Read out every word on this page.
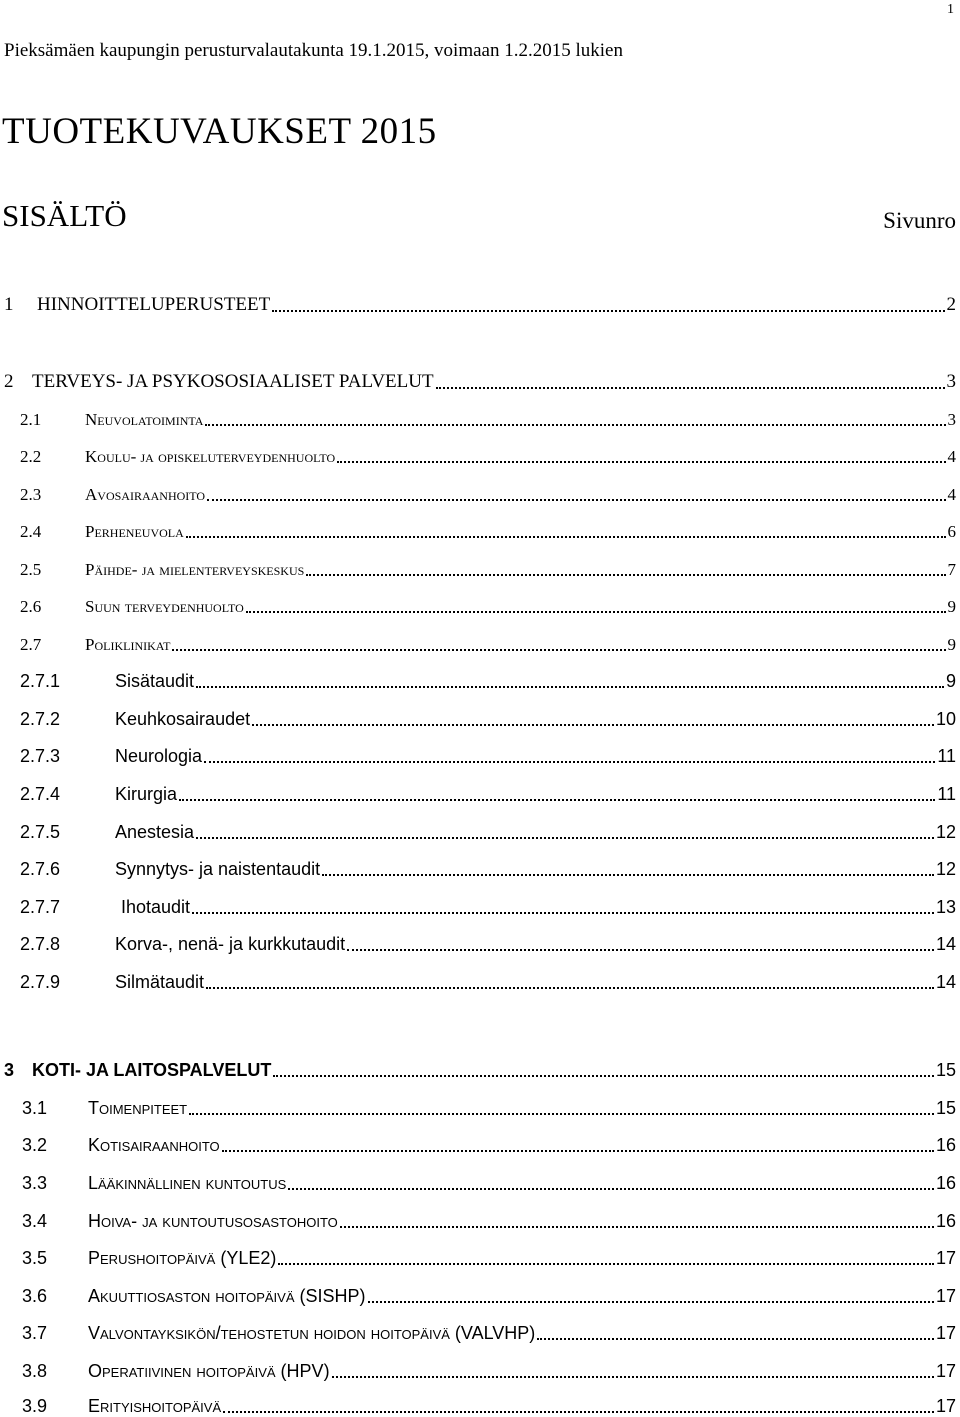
1
Pieksämäen kaupungin perusturvalautakunta 19.1.2015, voimaan 1.2.2015 lukien
TUOTEKUVAUKSET 2015
SISÄLTÖ	Sivunro
1	HINNOITTELUPERUSTEET	2
2 TERVEYS- JA PSYKOSOSIAALISET PALVELUT	3
2.1	Neuvolatoiminta	3
2.2	Koulu- ja opiskeluterveydenhuolto	4
2.3	Avosairaanhoito	4
2.4	Perheneuvola	6
2.5	Päihde- ja mielenterveyskeskus	7
2.6	Suun terveydenhuolto	9
2.7	Poliklinikat	9
2.7.1	Sisätaudit	9
2.7.2	Keuhkosairaudet	10
2.7.3	Neurologia	11
2.7.4	Kirurgia	11
2.7.5	Anestesia	12
2.7.6	Synnytys- ja naistentaudit	12
2.7.7	Ihotaudit	13
2.7.8	Korva-, nenä- ja kurkkutaudit	14
2.7.9	Silmätaudit	14
3 KOTI- JA LAITOSPALVELUT	15
3.1	Toimenpiteet	15
3.2	Kotisairaanhoito	16
3.3	Lääkinnällinen kuntoutus	16
3.4	Hoiva- ja kuntoutusosastohoito	16
3.5	Perushoitopäivä (YLE2)	17
3.6	Akuuttiosaston hoitopäivä (SISHP)	17
3.7	Valvontayksikön/tehostetun hoidon hoitopäivä (VALVHP)	17
3.8	Operatiivinen hoitopäivä (HPV)	17
3.9	Erityishoitopäivä	17
